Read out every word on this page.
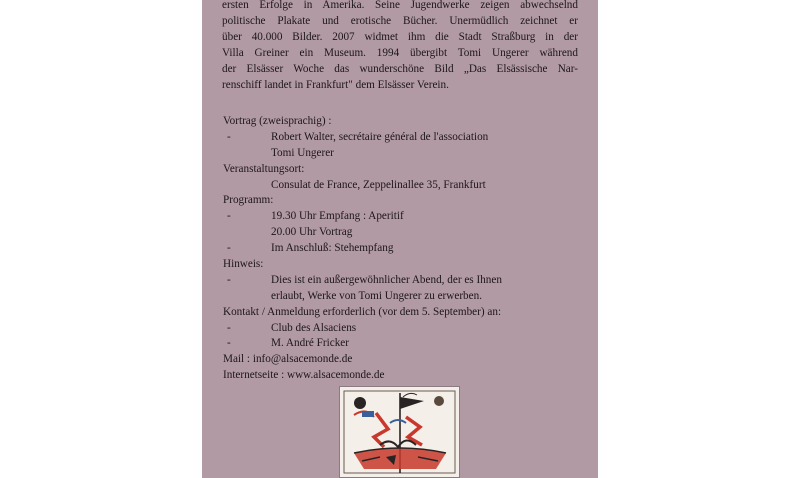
ersten Erfolge in Amerika. Seine Jugendwerke zeigen abwechselnd
politische Plakate und erotische Bücher. Unermüdlich zeichnet er
über 40.000 Bilder. 2007 widmet ihm die Stadt Straßburg in der
Villa Greiner ein Museum. 1994 übergibt Tomi Ungerer während
der Elsässer Woche das wunderschöne Bild „Das Elsässische Nar-
renschiff landet in Frankfurt" dem Elsässer Verein.
Vortrag (zweisprachig) :
-	Robert Walter, secrétaire général de l'association
Tomi Ungerer
Veranstaltungsort:
Consulat de France, Zeppelinallee 35, Frankfurt
Programm:
-	19.30 Uhr Empfang : Aperitif
20.00 Uhr Vortrag
-	Im Anschluß: Stehempfang
Hinweis:
-	Dies ist ein außergewöhnlicher Abend, der es Ihnen
erlaubt, Werke von Tomi Ungerer zu erwerben.
Kontakt / Anmeldung erforderlich (vor dem 5. September) an:
-	Club des Alsaciens
-	M. André Fricker
Mail : info@alsacemonde.de
Internetseite : www.alsacemonde.de
